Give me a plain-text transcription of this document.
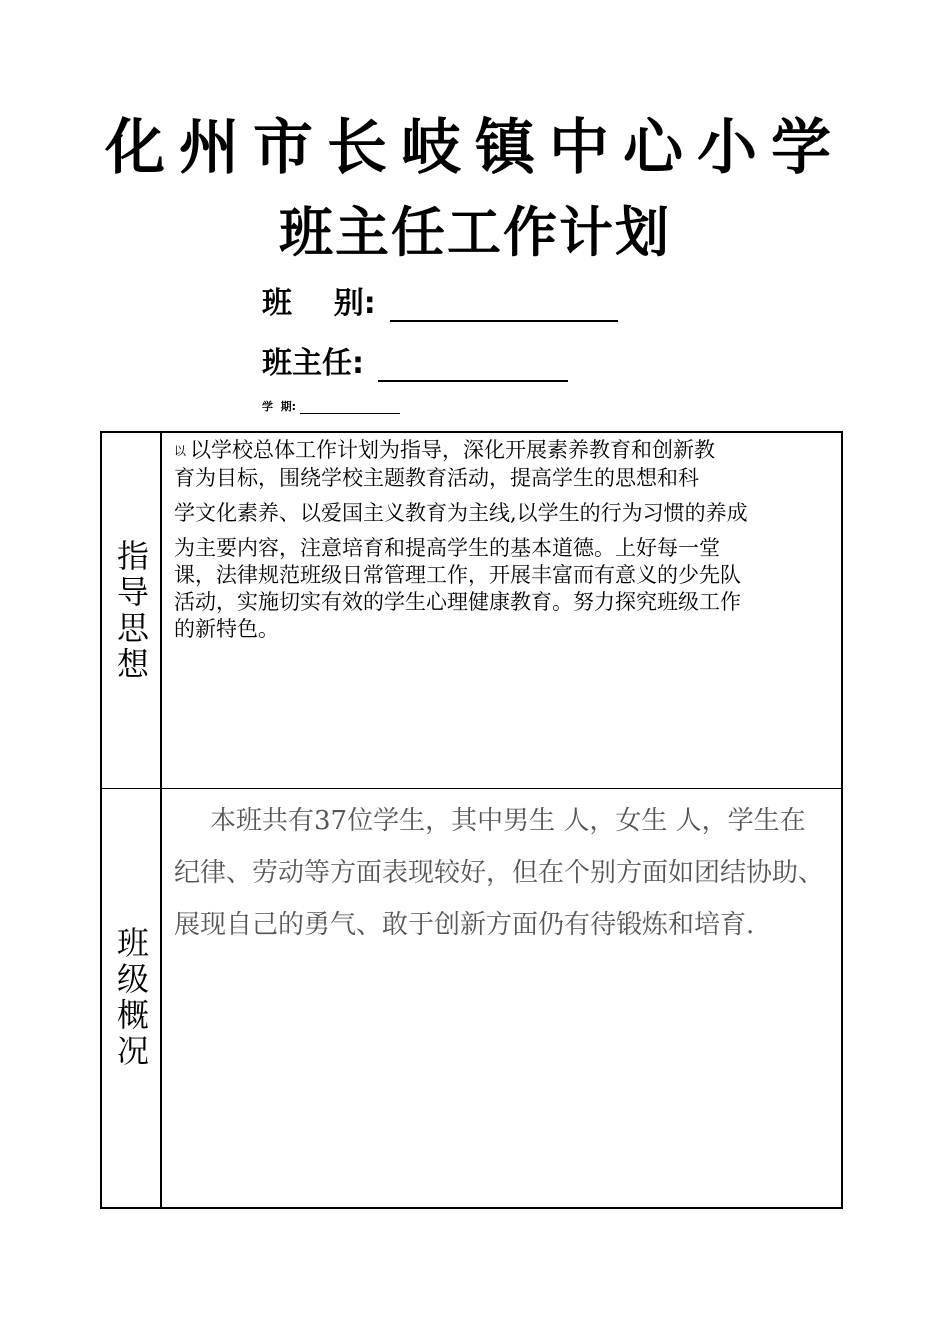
化州市长岐镇中心小学
班主任工作计划
班    别:
班主任:
学  期:
指导思想

以 以学校总体工作计划为指导，深化开展素养教育和创新教
育为目标，围绕学校主题教育活动，提高学生的思想和科
学文化素养、以爱国主义教育为主线,以学生的行为习惯的养成
为主要内容，注意培育和提高学生的基本道德。上好每一堂
课，法律规范班级日常管理工作，开展丰富而有意义的少先队
活动，实施切实有效的学生心理健康教育。努力探究班级工作
的新特色。

班级概况

本班共有37位学生，其中男生 人，女生 人，学生在纪律、劳动等方面表现较好，但在个别方面如团结协助、展现自己的勇气、敢于创新方面仍有待锻炼和培育.
